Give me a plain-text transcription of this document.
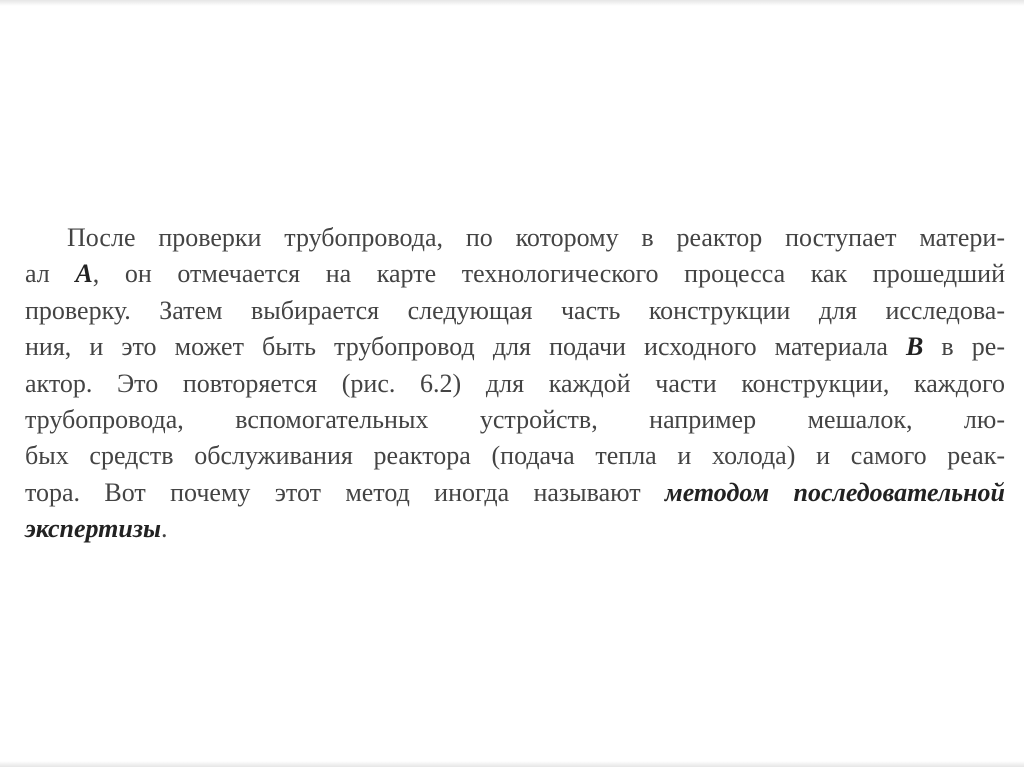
После проверки трубопровода, по которому в реактор поступает матери-
ал A, он отмечается на карте технологического процесса как прошедший
проверку. Затем выбирается следующая часть конструкции для исследова-
ния, и это может быть трубопровод для подачи исходного материала B в ре-
актор. Это повторяется (рис. 6.2) для каждой части конструкции, каждого
трубопровода, вспомогательных устройств, например мешалок, лю-
бых средств обслуживания реактора (подача тепла и холода) и самого реак-
тора. Вот почему этот метод иногда называют методом последовательной
экспертизы.
